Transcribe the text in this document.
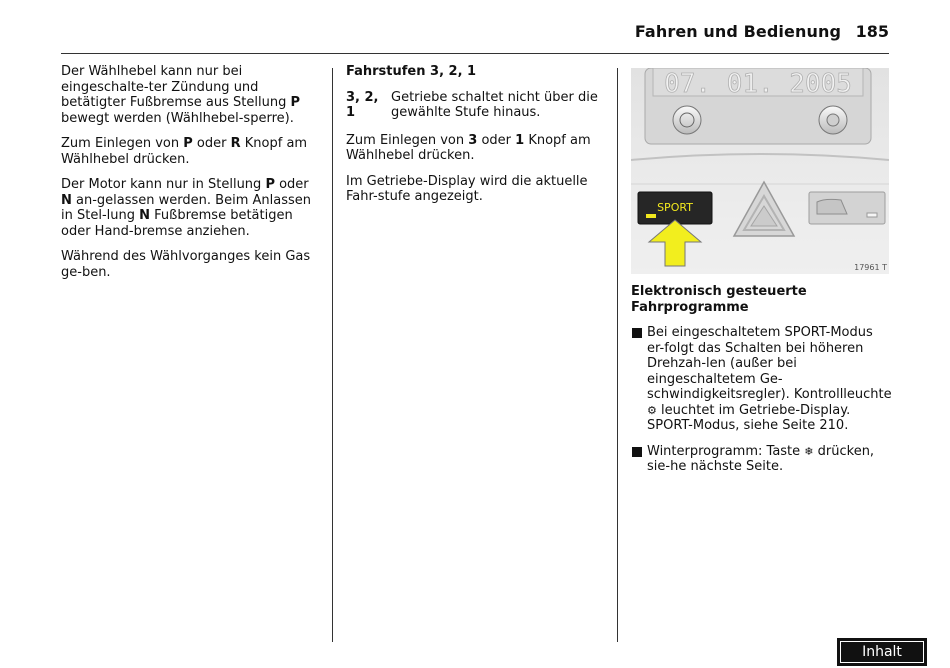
Fahren und Bedienung 185

Der Wählhebel kann nur bei eingeschalte-ter Zündung und betätigter Fußbremse aus Stellung P bewegt werden (Wählhebel-sperre).

Zum Einlegen von P oder R Knopf am Wählhebel drücken.

Der Motor kann nur in Stellung P oder N an-gelassen werden. Beim Anlassen in Stel-lung N Fußbremse betätigen oder Hand-bremse anziehen.

Während des Wählvorganges kein Gas ge-ben.

Fahrstufen 3, 2, 1

3, 2, 1
Getriebe schaltet nicht über die gewählte Stufe hinaus.

Zum Einlegen von 3 oder 1 Knopf am Wählhebel drücken.

Im Getriebe-Display wird die aktuelle Fahr-stufe angezeigt.

07. 01. 2005
SPORT
17961 T

Elektronisch gesteuerte Fahrprogramme

Bei eingeschaltetem SPORT-Modus er-folgt das Schalten bei höheren Drehzah-len (außer bei eingeschaltetem Ge-schwindigkeitsregler). Kontrollleuchte ⚙ leuchtet im Getriebe-Display. SPORT-Modus, siehe Seite 210.
Winterprogramm: Taste ❄ drücken, sie-he nächste Seite.
Inhalt
